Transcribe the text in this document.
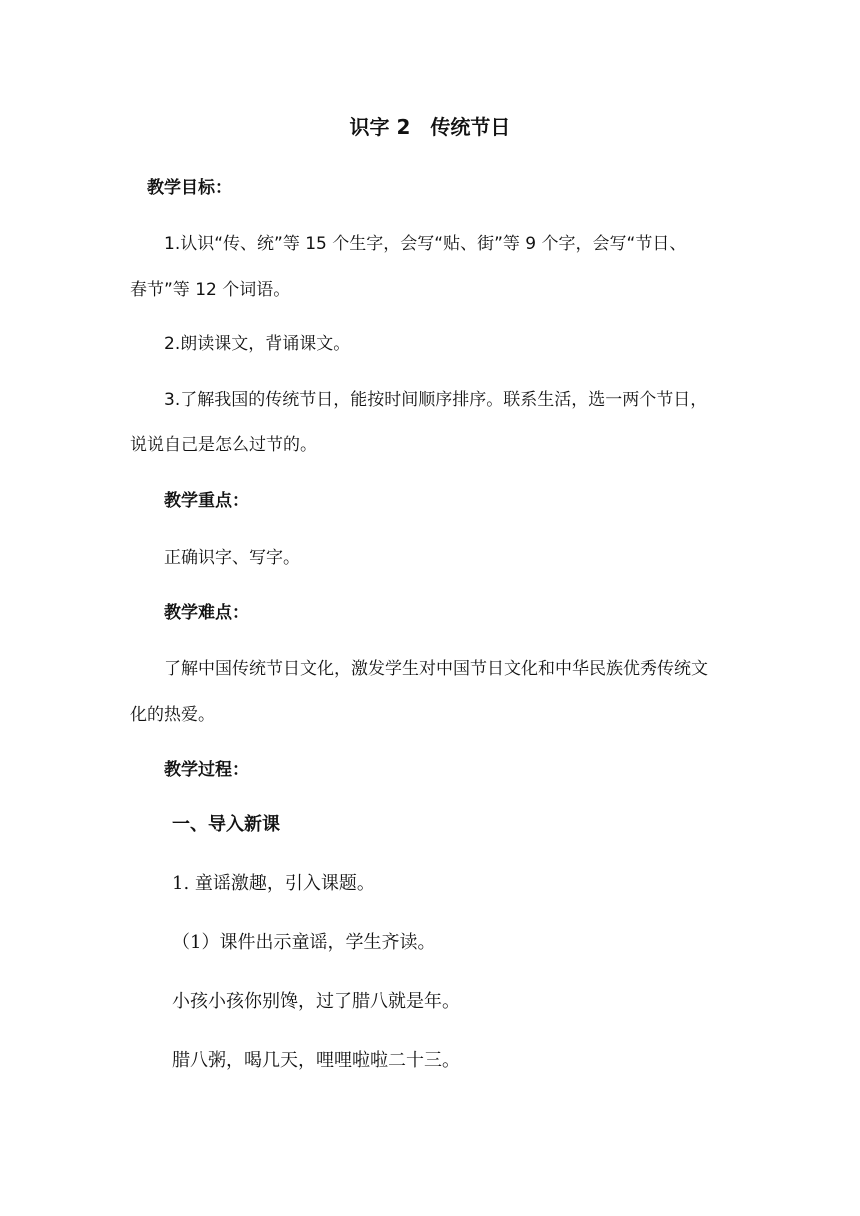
识字 2　传统节日
教学目标：
1.认识“传、统”等 15 个生字，会写“贴、街”等 9 个字，会写“节日、
春节”等 12 个词语。
2.朗读课文，背诵课文。
3.了解我国的传统节日，能按时间顺序排序。联系生活，选一两个节日，
说说自己是怎么过节的。
教学重点：
正确识字、写字。
教学难点：
了解中国传统节日文化，激发学生对中国节日文化和中华民族优秀传统文
化的热爱。
教学过程：
一、导入新课
1. 童谣激趣，引入课题。
（1）课件出示童谣，学生齐读。
小孩小孩你别馋，过了腊八就是年。
腊八粥，喝几天，哩哩啦啦二十三。
